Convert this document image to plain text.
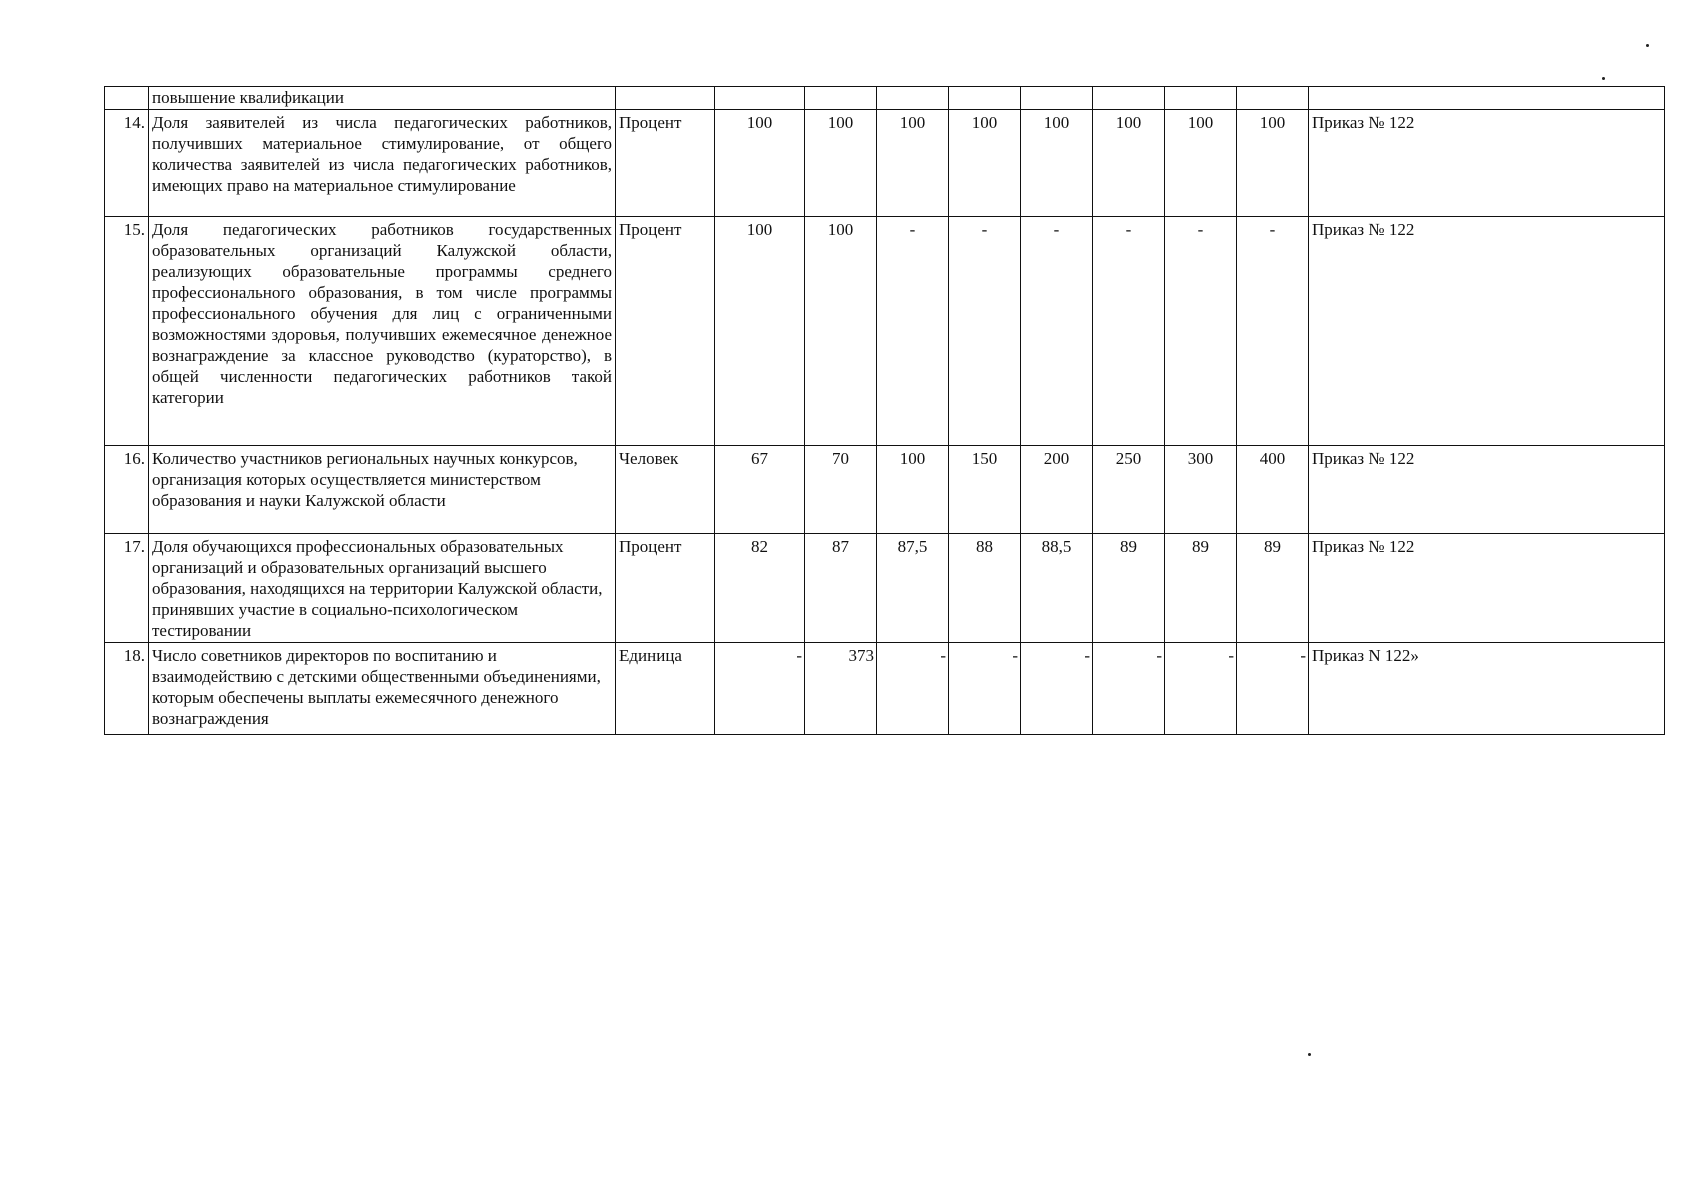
	повышение квалификации										
14.	Доля заявителей из числа педагогических работников, получивших материальное стимулирование, от общего количества заявителей из числа педагогических работников, имеющих право на материальное стимулирование	Процент	100	100	100	100	100	100	100	100	Приказ № 122
15.	Доля педагогических работников государственных образовательных организаций Калужской области, реализующих образовательные программы среднего профессионального образования, в том числе программы профессионального обучения для лиц с ограниченными возможностями здоровья, получивших ежемесячное денежное вознаграждение за классное руководство (кураторство), в общей численности педагогических работников такой категории	Процент	100	100	-	-	-	-	-	-	Приказ № 122
16.	Количество участников региональных научных конкурсов, организация которых осуществляется министерством образования и науки Калужской области	Человек	67	70	100	150	200	250	300	400	Приказ № 122
17.	Доля обучающихся профессиональных образовательных организаций и образовательных организаций высшего образования, находящихся на территории Калужской области, принявших участие в социально-психологическом тестировании	Процент	82	87	87,5	88	88,5	89	89	89	Приказ № 122
18.	Число советников директоров по воспитанию и взаимодействию с детскими общественными объединениями, которым обеспечены выплаты ежемесячного денежного вознаграждения	Единица	-	373	-	-	-	-	-	-	Приказ N 122»
